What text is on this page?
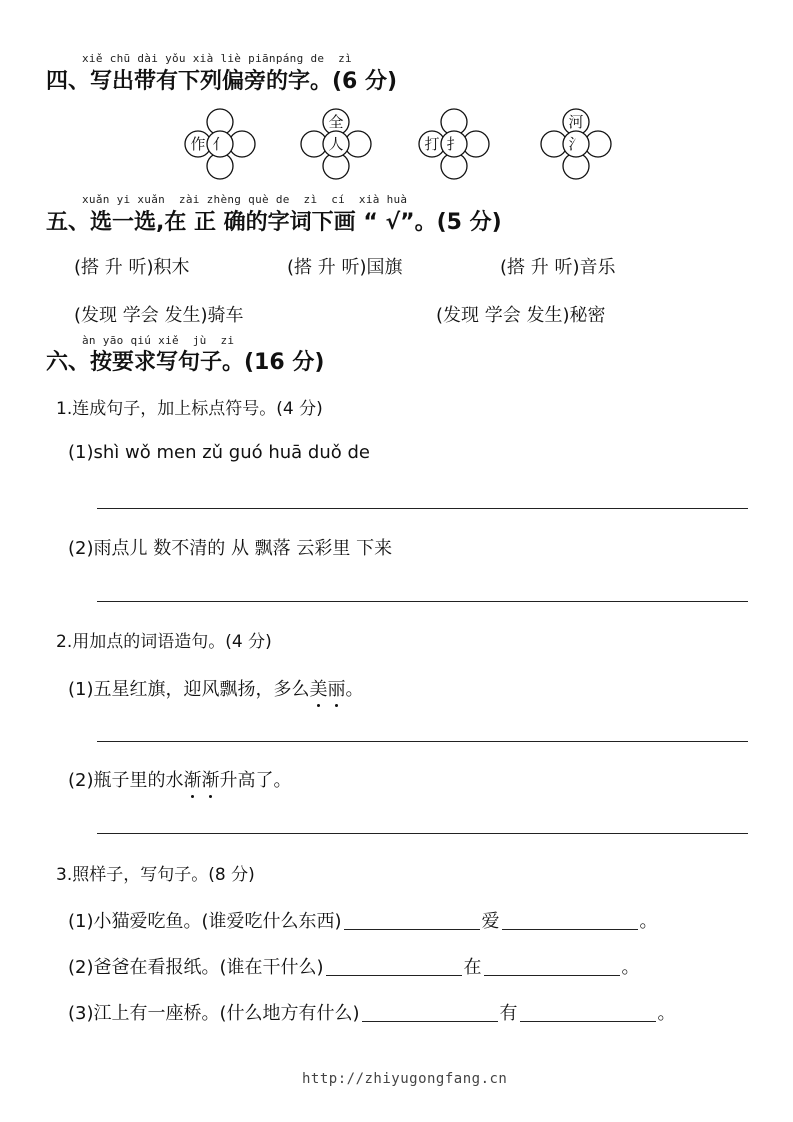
xiě chū dài yǒu xià liè piānpáng de  zì
四、写出带有下列偏旁的字。(6 分)
作 亻
全
人	打 扌
河
氵
xuǎn yi xuǎn  zài zhèng què de  zì  cí  xià huà
五、选一选,在 正 确的字词下画 “ √”。(5 分)
(搭 升 听)积木	(搭 升 听)国旗	(搭 升 听)音乐
(发现 学会 发生)骑车	(发现 学会 发生)秘密
àn yāo qiú xiě  jù  zi
六、按要求写句子。(16 分)
1.连成句子，加上标点符号。(4 分)
(1)shì wǒ men zǔ guó huā duǒ de
(2)雨点儿 数不清的 从 飘落 云彩里 下来
2.用加点的词语造句。(4 分)
(1)五星红旗，迎风飘扬，多么美丽。
(2)瓶子里的水渐渐升高了。
3.照样子，写句子。(8 分)
(1)小猫爱吃鱼。(谁爱吃什么东西)	爱	。
(2)爸爸在看报纸。(谁在干什么)	在	。
(3)江上有一座桥。(什么地方有什么)	有	。
http://zhiyugongfang.cn
